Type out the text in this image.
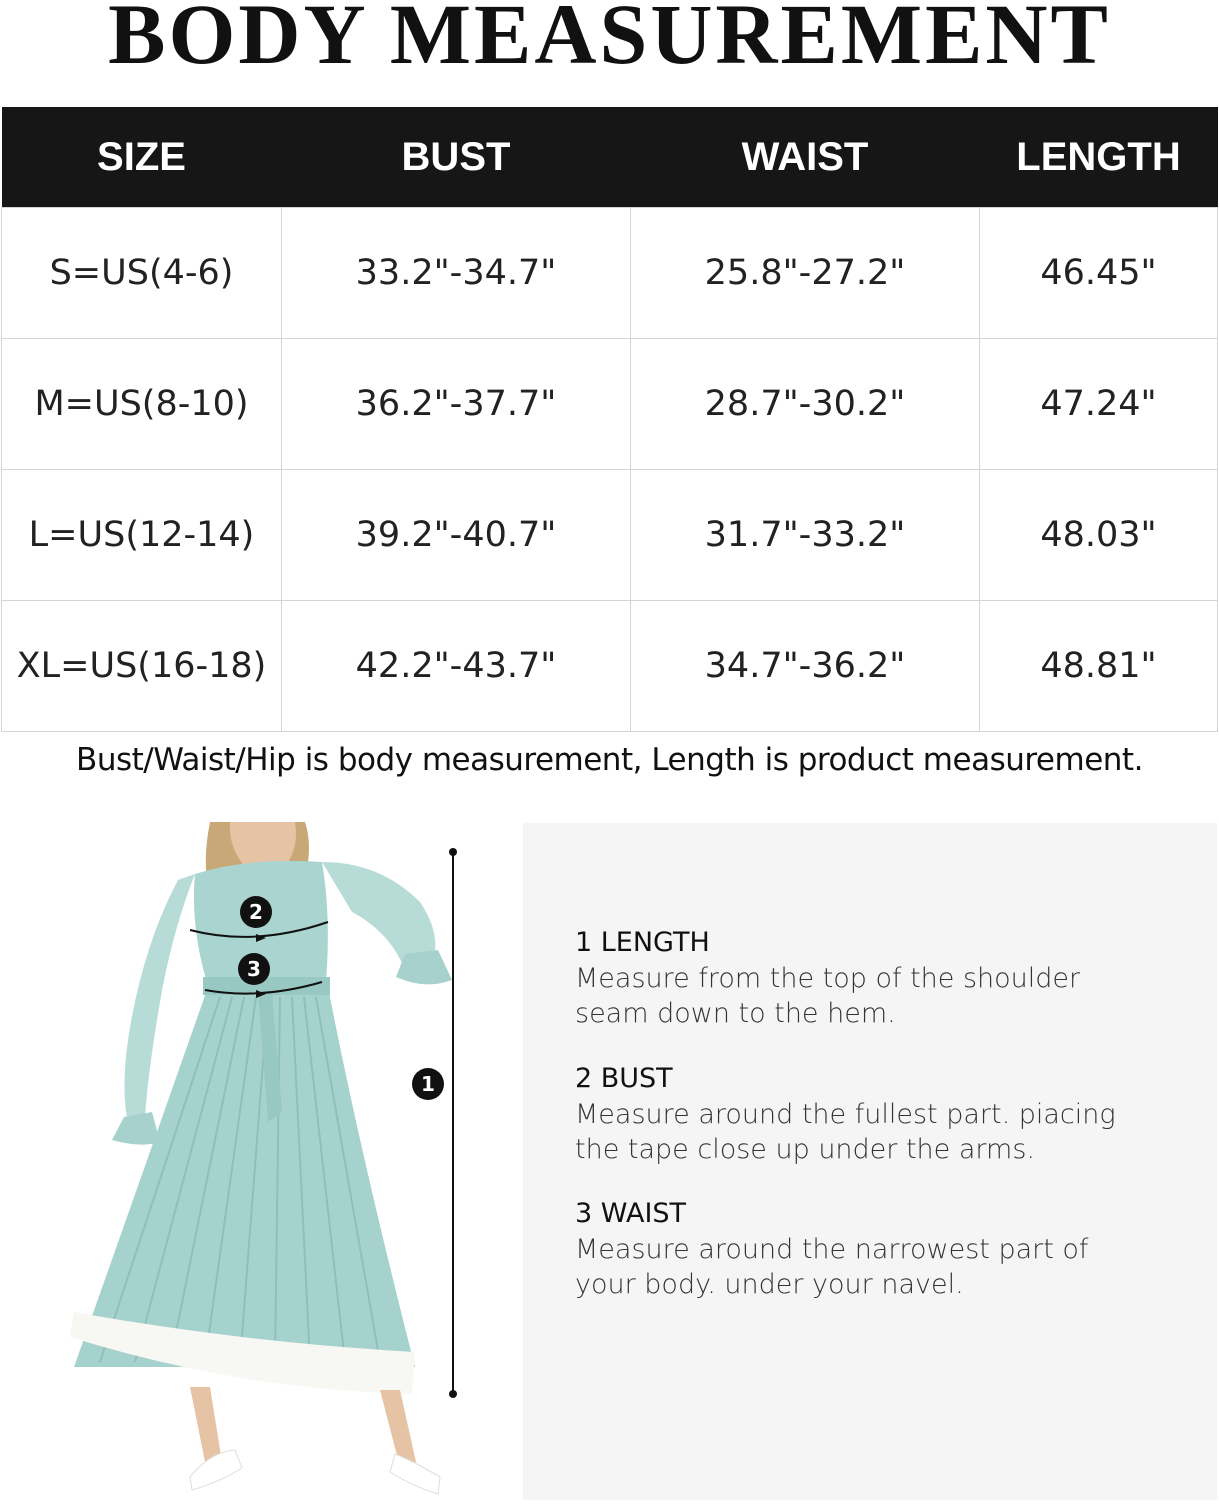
BODY MEASUREMENT
SIZE	BUST	WAIST	LENGTH
S=US(4-6)	33.2"-34.7"	25.8"-27.2"	46.45"
M=US(8-10)	36.2"-37.7"	28.7"-30.2"	47.24"
L=US(12-14)	39.2"-40.7"	31.7"-33.2"	48.03"
XL=US(16-18)	42.2"-43.7"	34.7"-36.2"	48.81"
Bust/Waist/Hip is body measurement, Length is product measurement.
2
3
1
1 LENGTH
Measure from the top of the shoulder
seam down to the hem.
2 BUST
Measure around the fullest part. piacing
the tape close up under the arms.
3 WAIST
Measure around the narrowest part of
your body. under your navel.
